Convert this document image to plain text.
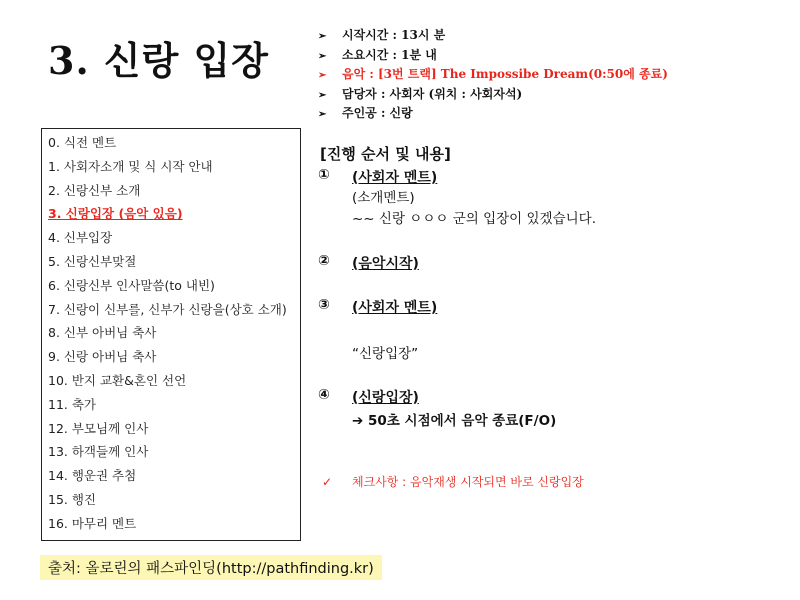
3. 신랑 입장
➢ 시작시간 : 13시 분
➢ 소요시간 : 1분 내
➢ 음악 : [3번 트랙] The Impossibe Dream(0:50에 종료)
➢ 담당자 : 사회자 (위치 : 사회자석)
➢ 주인공 : 신랑
0. 식전 멘트
1. 사회자소개 및 식 시작 안내
2. 신랑신부 소개
3. 신랑입장 (음악 있음)
4. 신부입장
5. 신랑신부맞절
6. 신랑신부 인사말씀(to 내빈)
7. 신랑이 신부를, 신부가 신랑을(상호 소개)
8. 신부 아버님 축사
9. 신랑 아버님 축사
10. 반지 교환&혼인 선언
11. 축가
12. 부모님께 인사
13. 하객들께 인사
14. 행운권 추첨
15. 행진
16. 마무리 멘트
[진행 순서 및 내용]
① (사회자 멘트)
(소개멘트)
~~ 신랑 ㅇㅇㅇ 군의 입장이 있겠습니다.
② (음악시작)
③ (사회자 멘트)
“신랑입장”
④ (신랑입장)
➔ 50초 시점에서 음악 종료(F/O)
✓ 체크사항 : 음악재생 시작되면 바로 신랑입장
출처: 올로린의 패스파인딩(http://pathfinding.kr)
